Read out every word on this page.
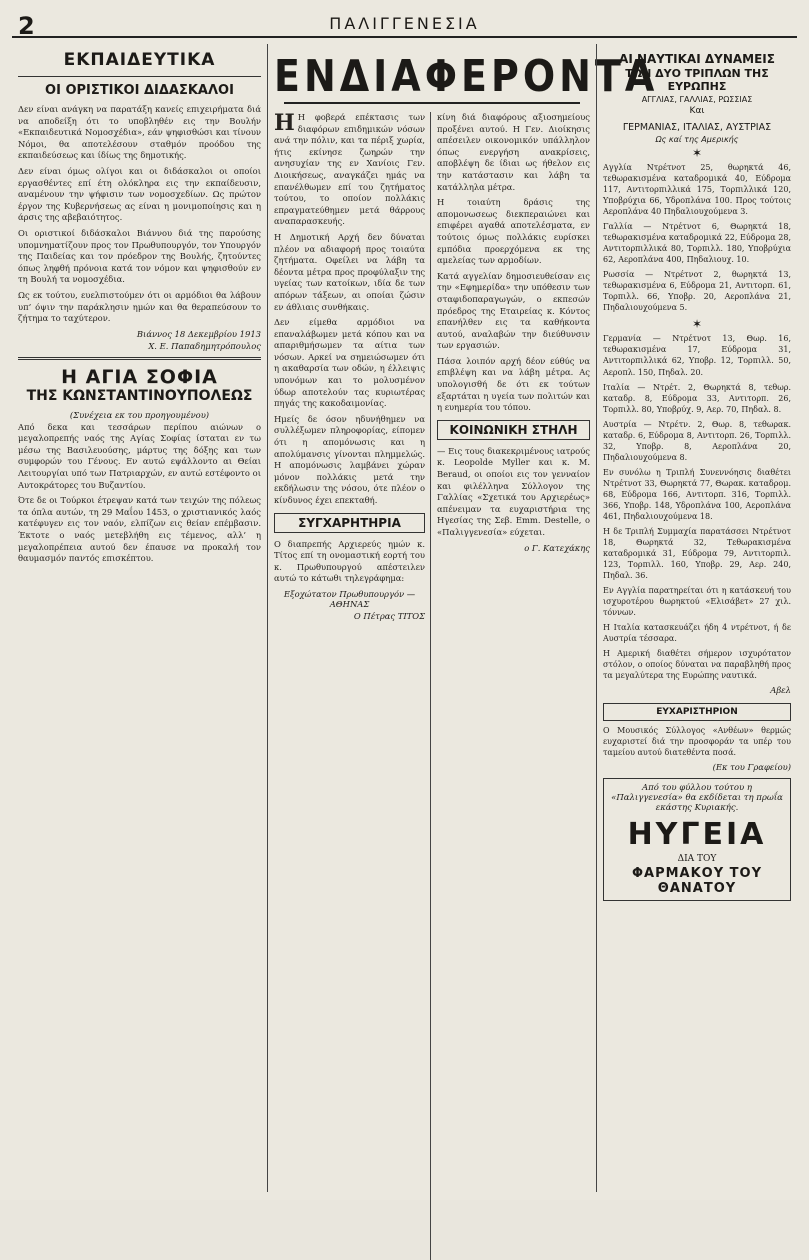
2	ΠΑΛΙΓΓΕΝΕΣΙΑ
ΕΚΠΑΙΔΕΥΤΙΚΑ
ΟΙ ΟΡΙΣΤΙΚΟΙ ΔΙΔΑΣΚΑΛΟΙ

Δεν είναι ανάγκη να παρατάξη κανείς επιχειρήματα διά να αποδείξη ότι το υποβληθέν εις την Βουλήν «Εκπαιδευτικά Νομοσχέδια», εάν ψηφισθώσι και τίνουν Νόμοι, θα αποτελέσουν σταθμόν προόδου της εκπαιδεύσεως και ίδίως της δημοτικής.

Δεν είναι όμως ολίγοι και οι διδάσκαλοι οι οποίοι εργασθέντες επί έτη ολόκληρα εις την εκπαίδευσιν, αναμένουν την ψήφισιν των νομοσχεδίων. Ως πρώτον έργον της Κυβερνήσεως ας είναι η μονιμοποίησις και η άρσις της αβεβαιότητος.

Οι οριστικοί διδάσκαλοι Βιάννου διά της παρούσης υπομνηματίζουν προς τον Πρωθυπουργόν, τον Υπουργόν της Παιδείας και τον πρόεδρον της Βουλής, ζητούντες όπως ληφθή πρόνοια κατά τον νόμον και ψηφισθούν εν τη Βουλή τα νομοσχέδια.

Ως εκ τούτου, ευελπιστούμεν ότι οι αρμόδιοι θα λάβουν υπ’ όψιν την παράκλησιν ημών και θα θεραπεύσουν το ζήτημα το ταχύτερον.

Βιάννος 18 Δεκεμβρίου 1913
Χ. Ε. Παπαδημητρόπουλος
Η ΑΓΙΑ ΣΟΦΙΑ
ΤΗΣ ΚΩΝΣΤΑΝΤΙΝΟΥΠΟΛΕΩΣ
(Συνέχεια εκ του προηγουμένου)

Από δεκα και τεσσάρων περίπου αιώνων ο μεγαλοπρεπής ναός της Αγίας Σοφίας ίσταται εν τω μέσω της Βασιλευούσης, μάρτυς της δόξης και των συμφορών του Γένους. Εν αυτώ εψάλλοντο αι Θείαι Λειτουργίαι υπό των Πατριαρχών, εν αυτώ εστέφοντο οι Αυτοκράτορες του Βυζαντίου.

Ότε δε οι Τούρκοι έτρεψαν κατά των τειχών της πόλεως τα όπλα αυτών, τη 29 Μαΐου 1453, ο χριστιανικός λαός κατέφυγεν εις τον ναόν, ελπίζων εις θείαν επέμβασιν. Έκτοτε ο ναός μετεβλήθη εις τέμενος, αλλ’ η μεγαλοπρέπεια αυτού δεν έπαυσε να προκαλή τον θαυμασμόν παντός επισκέπτου.

ΕΝΔΙΑΦΕΡΟΝΤΑ

Η Η φοβερά επέκτασις των διαφόρων επιδημικών νόσων ανά την πόλιν, και τα πέριξ χωρία, ήτις εκίνησε ζωηρών την ανησυχίαν της εν Χανίοις Γεν. Διοικήσεως, αναγκάζει ημάς να επανέλθωμεν επί του ζητήματος τούτου, το οποίον πολλάκις επραγματεύθημεν μετά θάρρους αναπαρασκευής.

Η Δημοτική Αρχή δεν δύναται πλέον να αδιαφορή προς τοιαύτα ζητήματα. Οφείλει να λάβη τα δέοντα μέτρα προς προφύλαξιν της υγείας των κατοίκων, ιδία δε των απόρων τάξεων, αι οποίαι ζώσιν εν άθλιαις συνθήκαις.

Δεν είμεθα αρμόδιοι να επαναλάβωμεν μετά κόπου και να απαριθμήσωμεν τα αίτια των νόσων. Αρκεί να σημειώσωμεν ότι η ακαθαρσία των οδών, η έλλειψις υπονόμων και το μολυσμένον ύδωρ αποτελούν τας κυριωτέρας πηγάς της κακοδαιμονίας.

Ημείς δε όσον ηδυνήθημεν να συλλέξωμεν πληροφορίας, είπομεν ότι η απομόνωσις και η απολύμανσις γίνονται πλημμελώς. Η απομόνωσις λαμβάνει χώραν μόνον πολλάκις μετά την εκδήλωσιν της νόσου, ότε πλέον ο κίνδυνος έχει επεκταθή.

ΣΥΓΧΑΡΗΤΗΡΙΑ

Ο διαπρεπής Αρχιερεύς ημών κ. Τίτος επί τη ονομαστική εορτή του κ. Πρωθυπουργού απέστειλεν αυτώ το κάτωθι τηλεγράφημα:

Εξοχώτατον Πρωθυπουργόν — ΑΘΗΝΑΣ
Ο Πέτρας ΤΙΤΟΣ

κίνη διά διαφόρους αξιοσημείους προξένει αυτού. Η Γεν. Διοίκησις απέσειλεν οικονομικόν υπάλληλον όπως ενεργήση ανακρίσεις, αποβλέψη δε ίδιαι ως ήθελον εις την κατάστασιν και λάβη τα κατάλληλα μέτρα.

Η τοιαύτη δράσις της απομονωσεως διεκπεραιώνει και επιφέρει αγαθά αποτελέσματα, εν τούτοις όμως πολλάκις ευρίσκει εμπόδια προερχόμενα εκ της αμελείας των αρμοδίων.

Κατά αγγελίαν δημοσιευθείσαν εις την «Εφημερίδα» την υπόθεσιν των σταφιδοπαραγωγών, ο εκπεσών πρόεδρος της Εταιρείας κ. Κόντος επανήλθεν εις τα καθήκοντα αυτού, αναλαβών την διεύθυνσιν των εργασιών.

Πάσα λοιπόν αρχή δέον εύθύς να επιβλέψη και να λάβη μέτρα. Ας υπολογισθή δε ότι εκ τούτων εξαρτάται η υγεία των πολιτών και η ευημερία του τόπου.

ΚΟΙΝΩΝΙΚΗ ΣΤΗΛΗ

— Εις τους διακεκριμένους ιατρούς κ. Leopolde Myller και κ. M. Beraud, οι οποίοι εις τον γενναίον και φιλέλληνα Σύλλογον της Γαλλίας «Σχετικά του Αρχιερέως» απένειμαν τα ευχαριστήρια της Ηγεσίας της Σεβ. Emm. Destelle, ο «Παλιγγενεσία» εύχεται.

ο Γ. Κατεχάκης
ΑΙ ΝΑΥΤΙΚΑΙ ΔΥΝΑΜΕΙΣ
ΤΩΝ ΔΥΟ ΤΡΙΠΛΩΝ ΤΗΣ ΕΥΡΩΠΗΣ
ΑΓΓΛΙΑΣ, ΓΑΛΛΙΑΣ, ΡΩΣΣΙΑΣ
Και
ΓΕΡΜΑΝΙΑΣ, ΙΤΑΛΙΑΣ, ΑΥΣΤΡΙΑΣ
Ως καί της Αμερικής
✶

Αγγλία Ντρέτνοτ 25, θωρηκτά 46, τεθωρακισμένα καταδρομικά 40, Εύδρομα 117, Αντιτορπιλλικά 175, Τορπιλλικά 120, Υποβρύχια 66, Υδροπλάνα 100. Προς τούτοις Αεροπλάνα 40 Πηδαλιουχούμενα 3.

Γαλλία — Ντρέτνοτ 6, Θωρηκτά 18, τεθωρακισμένα καταδρομικά 22, Εύδρομα 28, Αντιτορπιλλικά 80, Τορπιλλ. 180, Υποβρύχια 62, Αεροπλάνα 400, Πηδαλιουχ. 10.

Ρωσσία — Ντρέτνοτ 2, θωρηκτά 13, τεθωρακισμένα 6, Εύδρομα 21, Αντιτορπ. 61, Τορπιλλ. 66, Υποβρ. 20, Αεροπλάνα 21, Πηδαλιουχούμενα 5.

✶

Γερμανία — Ντρέτνοτ 13, Θωρ. 16, τεθωρακισμένα 17, Εύδρομα 31, Αντιτορπιλλικά 62, Υποβρ. 12, Τορπιλλ. 50, Αεροπλ. 150, Πηδαλ. 20.

Ιταλία — Ντρέτ. 2, Θωρηκτά 8, τεθωρ. καταδρ. 8, Εύδρομα 33, Αντιτορπ. 26, Τορπιλλ. 80, Υποβρύχ. 9, Αερ. 70, Πηδαλ. 8.

Αυστρία — Ντρέτν. 2, Θωρ. 8, τεθωρακ. καταδρ. 6, Εύδρομα 8, Αντιτορπ. 26, Τορπιλλ. 32, Υποβρ. 8, Αεροπλάνα 20, Πηδαλιουχούμενα 8.

Εν συνόλω η Τριπλή Συνεννόησις διαθέτει Ντρέτνοτ 33, Θωρηκτά 77, Θωρακ. καταδρομ. 68, Εύδρομα 166, Αντιτορπ. 316, Τορπιλλ. 366, Υποβρ. 148, Υδροπλάνα 100, Αεροπλάνα 461, Πηδαλιουχούμενα 18.

Η δε Τριπλή Συμμαχία παρατάσσει Ντρέτνοτ 18, Θωρηκτά 32, Τεθωρακισμένα καταδρομικά 31, Εύδρομα 79, Αντιτορπιλ. 123, Τορπιλλ. 160, Υποβρ. 29, Αερ. 240, Πηδαλ. 36.

Εν Αγγλία παρατηρείται ότι η κατάσκευή του ισχυροτέρου θωρηκτού «Ελισάβετ» 27 χιλ. τόννων.

Η Ιταλία κατασκευάζει ήδη 4 ντρέτνοτ, ή δε Αυστρία τέσσαρα.

Η Αμερική διαθέτει σήμερον ισχυρότατον στόλον, ο οποίος δύναται να παραβληθή προς τα μεγαλύτερα της Ευρώπης ναυτικά.

Αβελ
ΕΥΧΑΡΙΣΤΗΡΙΟΝ

Ο Μουσικός Σύλλογος «Ανθέων» θερμώς ευχαριστεί διά την προσφοράν τα υπέρ του ταμείου αυτού διατεθέντα ποσά.

(Εκ του Γραφείου)
Από του φύλλου τούτου η «Παλιγγενεσία» θα εκδίδεται τη πρωΐα εκάστης Κυριακής.
ΗΥΓΕΙΑ
ΔΙΑ ΤΟΥ
ΦΑΡΜΑΚΟΥ ΤΟΥ ΘΑΝΑΤΟΥ
